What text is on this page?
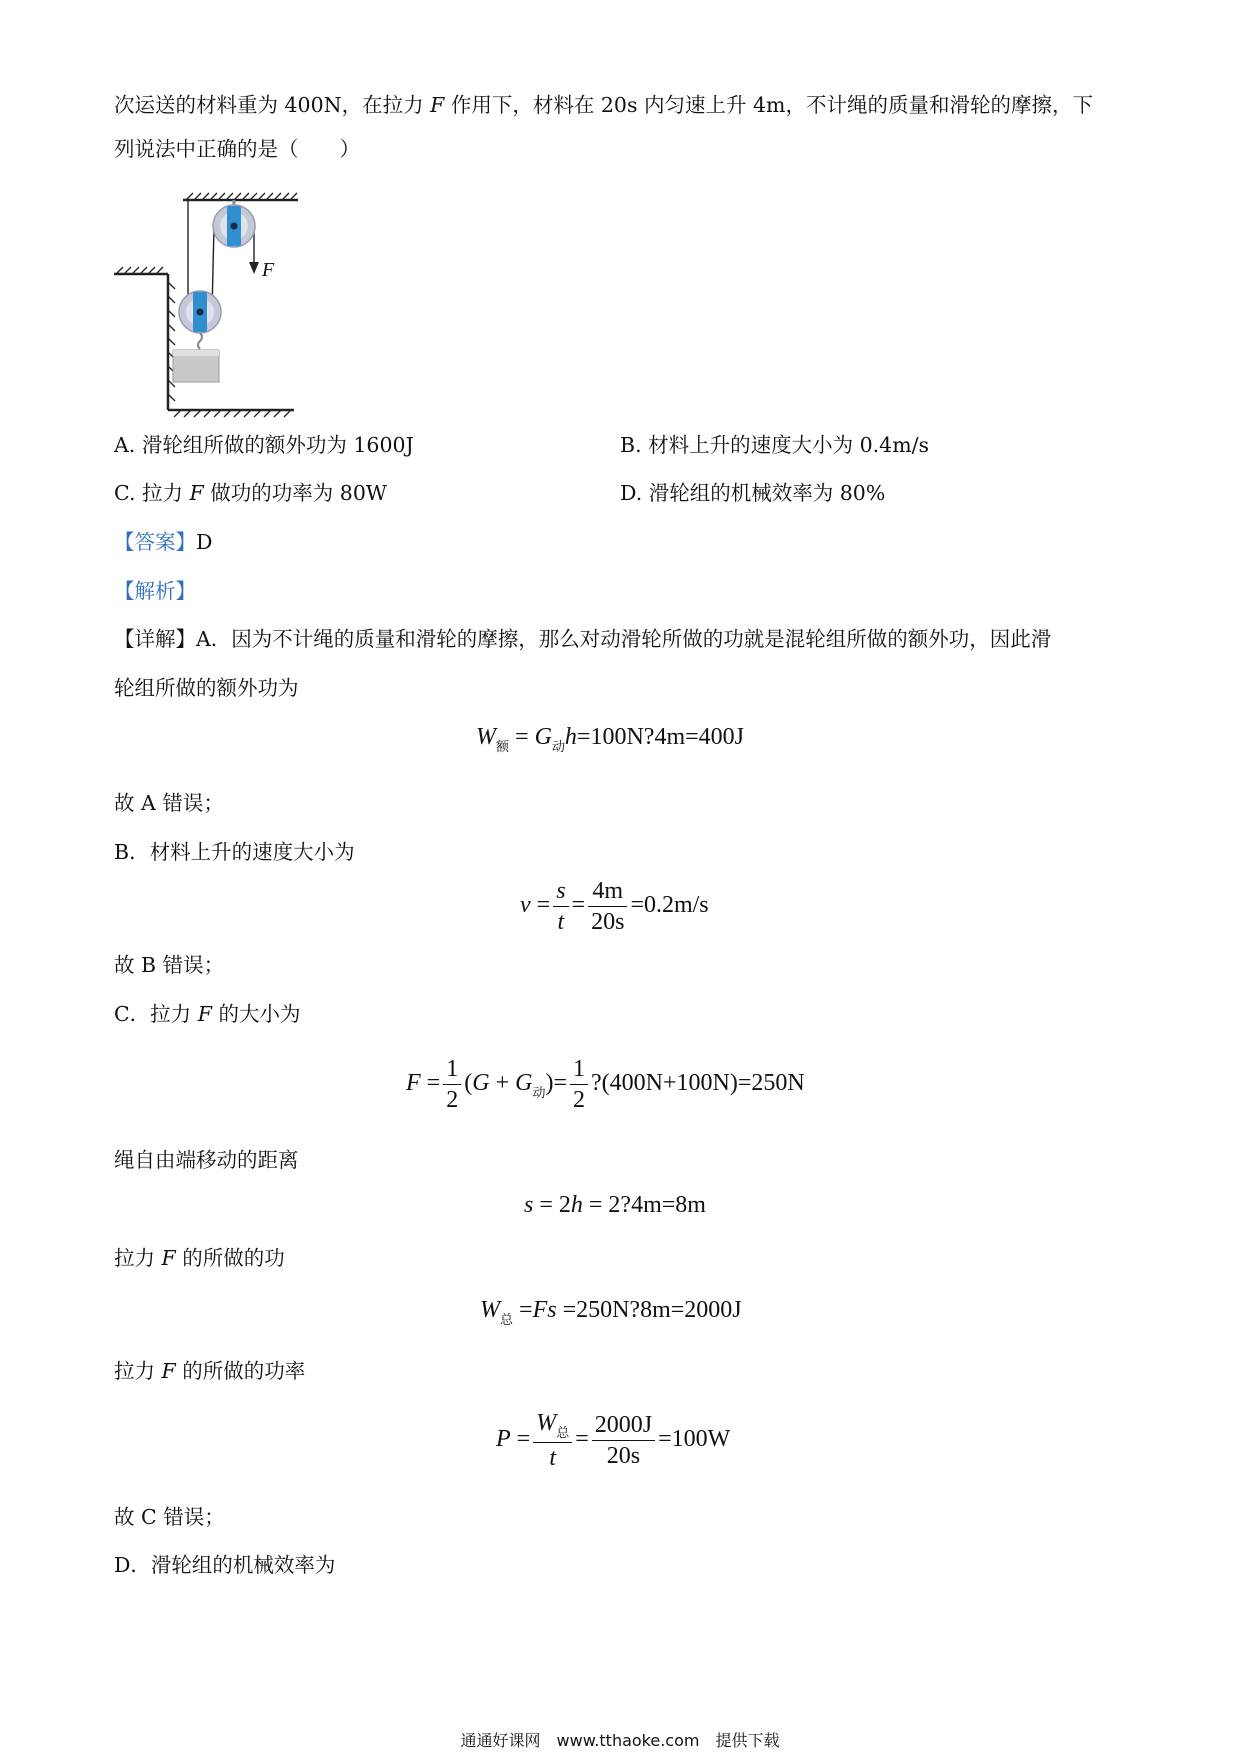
次运送的材料重为 400N，在拉力 F 作用下，材料在 20s 内匀速上升 4m，不计绳的质量和滑轮的摩擦，下
列说法中正确的是（　　）
F
A. 滑轮组所做的额外功为 1600J	B. 材料上升的速度大小为 0.4m/s
C. 拉力 F 做功的功率为 80W	D. 滑轮组的机械效率为 80%
【答案】D
【解析】
【详解】A．因为不计绳的质量和滑轮的摩擦，那么对动滑轮所做的功就是混轮组所做的额外功，因此滑
轮组所做的额外功为
$W_额$ = $G_动h=100N?4m=400J$
故 A 错误；
B．材料上升的速度大小为
$v = \frac{s}{t} = \frac{4m}{20s} =0.2m/s$
故 B 错误；
C．拉力 F 的大小为
$F = \frac{1}{2} (G + G_动)= \frac{1}{2}$ ?(400N+100N)=250N
绳自由端移动的距离
s = 2h = 2?4m=8m
拉力 F 的所做的功
$W_总 =Fs$ =250N?8m=2000J
拉力 F 的所做的功率
$P = \frac{W_总}{t} = \frac{2000J}{20s} =100W$
故 C 错误；
D．滑轮组的机械效率为
通通好课网　www.tthaoke.com　提供下载
